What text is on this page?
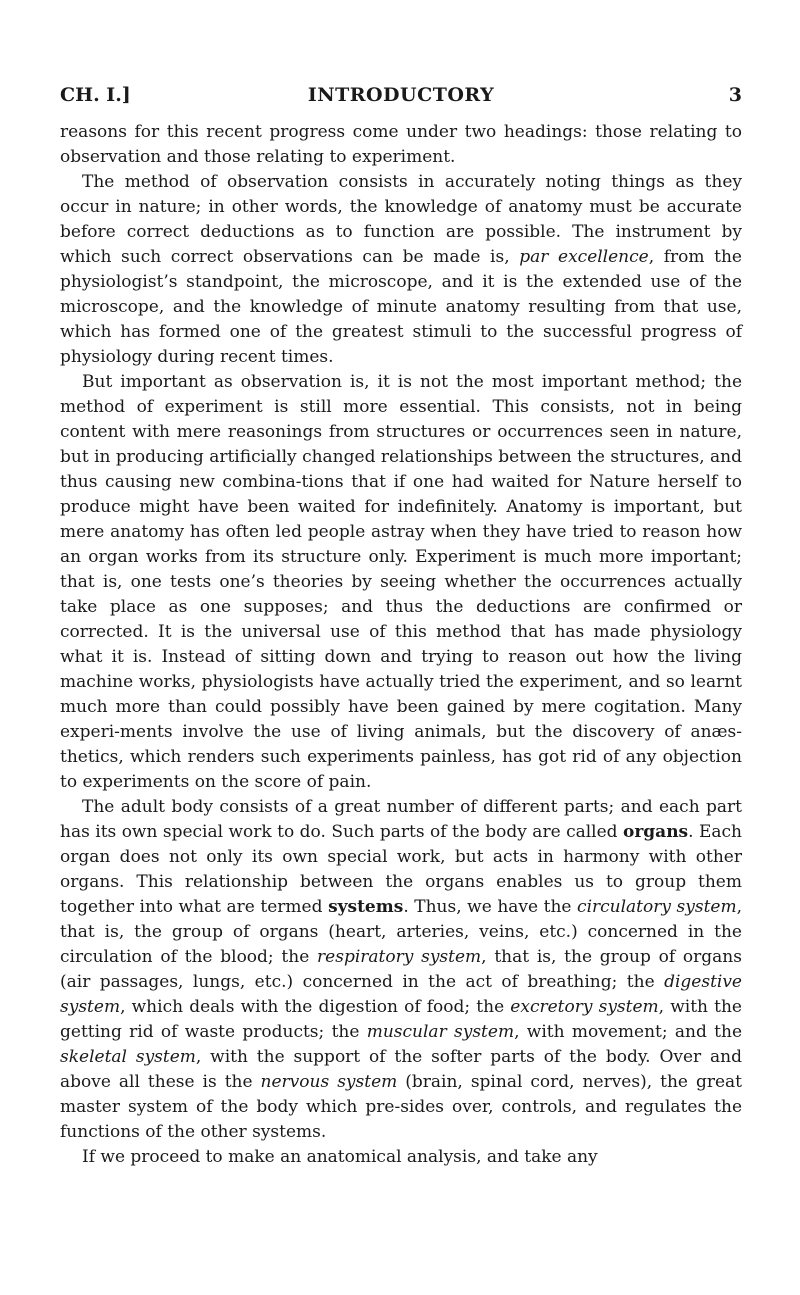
CH. I.]	INTRODUCTORY	3

reasons for this recent progress come under two headings: those relating to observation and those relating to experiment.

The method of observation consists in accurately noting things as they occur in nature; in other words, the knowledge of anatomy must be accurate before correct deductions as to function are possible. The instrument by which such correct observations can be made is, par excellence, from the physiologist’s standpoint, the microscope, and it is the extended use of the microscope, and the knowledge of minute anatomy resulting from that use, which has formed one of the greatest stimuli to the successful progress of physiology during recent times.

But important as observation is, it is not the most important method; the method of experiment is still more essential. This consists, not in being content with mere reasonings from structures or occurrences seen in nature, but in producing artificially changed relationships between the structures, and thus causing new combina-tions that if one had waited for Nature herself to produce might have been waited for indefinitely. Anatomy is important, but mere anatomy has often led people astray when they have tried to reason how an organ works from its structure only. Experiment is much more important; that is, one tests one’s theories by seeing whether the occurrences actually take place as one supposes; and thus the deductions are confirmed or corrected. It is the universal use of this method that has made physiology what it is. Instead of sitting down and trying to reason out how the living machine works, physiologists have actually tried the experiment, and so learnt much more than could possibly have been gained by mere cogitation. Many experi-ments involve the use of living animals, but the discovery of anæs-thetics, which renders such experiments painless, has got rid of any objection to experiments on the score of pain.

The adult body consists of a great number of different parts; and each part has its own special work to do. Such parts of the body are called organs. Each organ does not only its own special work, but acts in harmony with other organs. This relationship between the organs enables us to group them together into what are termed systems. Thus, we have the circulatory system, that is, the group of organs (heart, arteries, veins, etc.) concerned in the circulation of the blood; the respiratory system, that is, the group of organs (air passages, lungs, etc.) concerned in the act of breathing; the digestive system, which deals with the digestion of food; the excretory system, with the getting rid of waste products; the muscular system, with movement; and the skeletal system, with the support of the softer parts of the body. Over and above all these is the nervous system (brain, spinal cord, nerves), the great master system of the body which pre-sides over, controls, and regulates the functions of the other systems.

If we proceed to make an anatomical analysis, and take any
